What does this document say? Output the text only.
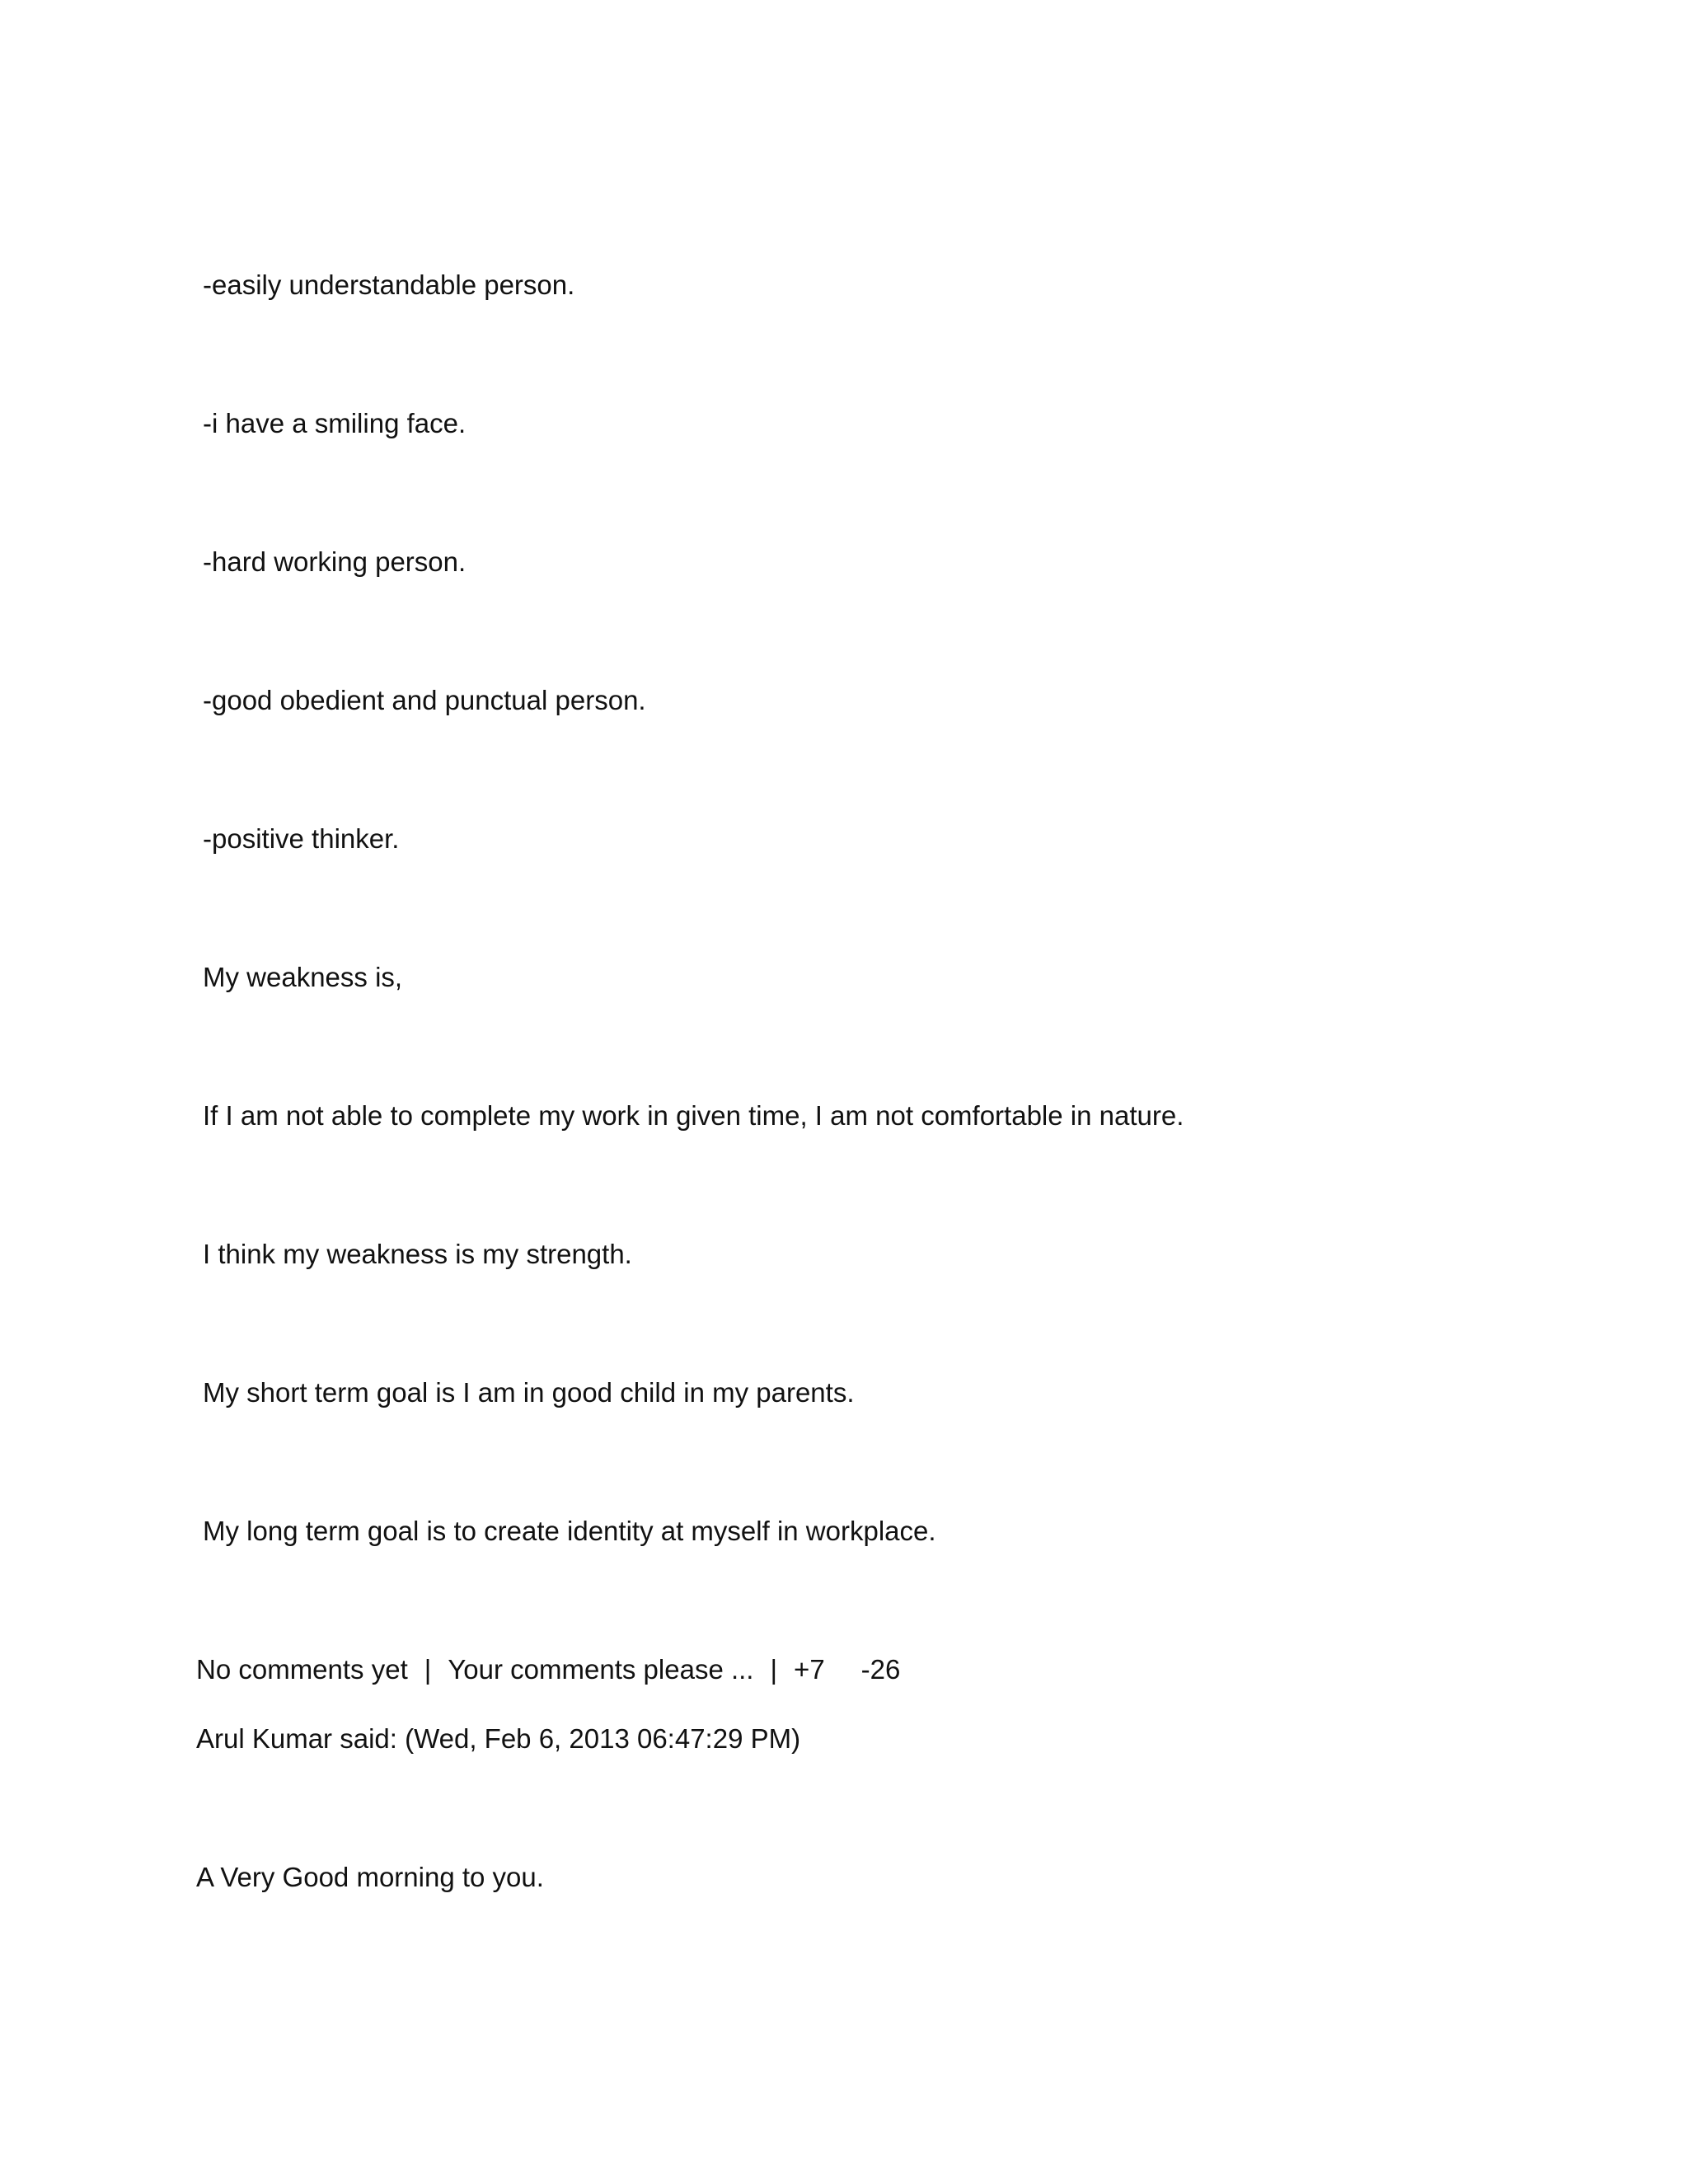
-easily understandable person.
-i have a smiling face.
-hard working person.
-good obedient and punctual person.
-positive thinker.
My weakness is,
If I am not able to complete my work in given time, I am not comfortable in nature.
I think my weakness is my strength.
My short term goal is I am in good child in my parents.
My long term goal is to create identity at myself in workplace.
No comments yet | Your comments please ... | +7 -26
Arul Kumar said: (Wed, Feb 6, 2013 06:47:29 PM)
A Very Good morning to you.
